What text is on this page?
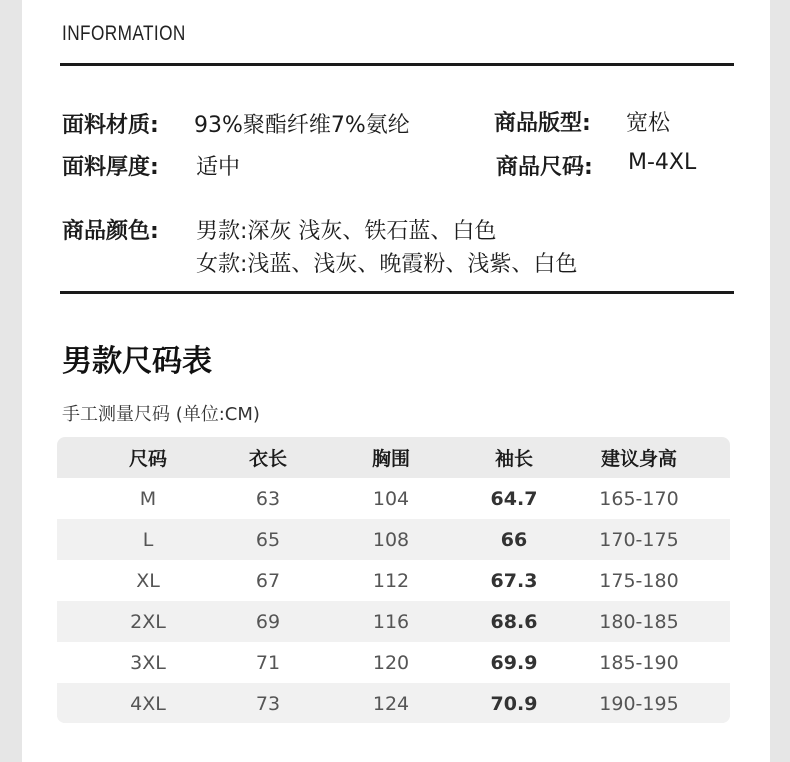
INFORMATION
面料材质: 93%聚酯纤维7%氨纶	商品版型: 宽松
面料厚度: 适中	商品尺码: M-4XL
商品颜色: 男款:深灰 浅灰、铁石蓝、白色
女款:浅蓝、浅灰、晚霞粉、浅紫、白色
男款尺码表
手工测量尺码 (单位:CM)
尺码	衣长	胸围	袖长	建议身高
M	63	104	64.7	165-170
L	65	108	66	170-175
XL	67	112	67.3	175-180
2XL	69	116	68.6	180-185
3XL	71	120	69.9	185-190
4XL	73	124	70.9	190-195
